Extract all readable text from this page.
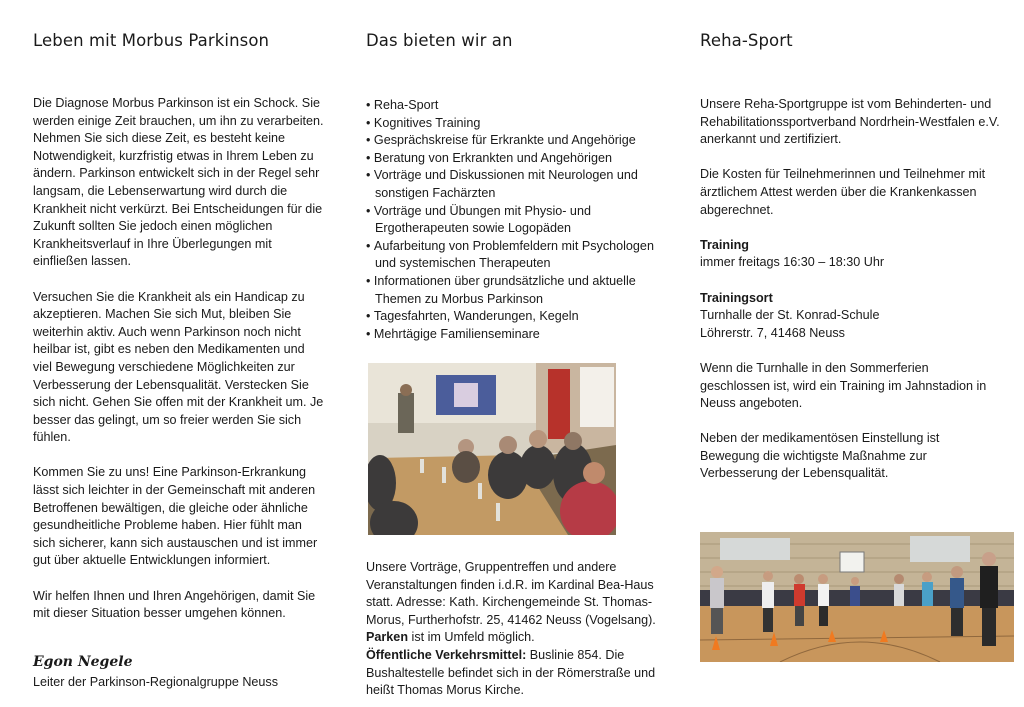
Leben mit Morbus Parkinson

Die Diagnose Morbus Parkinson ist ein Schock. Sie werden einige Zeit brauchen, um ihn zu verarbeiten. Nehmen Sie sich diese Zeit, es besteht keine Notwendigkeit, kurzfristig etwas in Ihrem Leben zu ändern. Parkinson entwickelt sich in der Regel sehr langsam, die Lebenserwartung wird durch die Krankheit nicht verkürzt. Bei Entscheidungen für die Zukunft sollten Sie jedoch einen möglichen Krankheitsverlauf in Ihre Überlegungen mit einfließen lassen.

Versuchen Sie die Krankheit als ein Handicap zu akzeptieren. Machen Sie sich Mut, bleiben Sie weiterhin aktiv. Auch wenn Parkinson noch nicht heilbar ist, gibt es neben den Medikamenten und viel Bewegung verschiedene Möglichkeiten zur Verbesserung der Lebensqualität. Verstecken Sie sich nicht. Gehen Sie offen mit der Krankheit um. Je besser das gelingt, um so freier werden Sie sich fühlen.

Kommen Sie zu uns! Eine Parkinson-Erkrankung lässt sich leichter in der Gemeinschaft mit anderen Betroffenen bewältigen, die gleiche oder ähnliche gesundheitliche Probleme haben. Hier fühlt man sich sicherer, kann sich austauschen und ist immer gut über aktuelle Entwicklungen informiert.

Wir helfen Ihnen und Ihren Angehörigen, damit Sie mit dieser Situation besser umgehen können.

Egon Negele
Leiter der Parkinson-Regionalgruppe Neuss
Das bieten wir an
• Reha-Sport
• Kognitives Training
• Gesprächskreise für Erkrankte und Angehörige
• Beratung von Erkrankten und Angehörigen
• Vorträge und Diskussionen mit Neurologen und sonstigen Fachärzten
• Vorträge und Übungen mit Physio- und Ergotherapeuten sowie Logopäden
• Aufarbeitung von Problemfeldern mit Psychologen und systemischen Therapeuten
• Informationen über grundsätzliche und aktuelle Themen zu Morbus Parkinson
• Tagesfahrten, Wanderungen, Kegeln
• Mehrtägige Familienseminare

Unsere Vorträge, Gruppentreffen und andere Veranstaltungen finden i.d.R. im Kardinal Bea-Haus statt. Adresse: Kath. Kirchengemeinde St. Thomas-Morus, Furtherhofstr. 25, 41462 Neuss (Vogelsang).

Parken ist im Umfeld möglich.

Öffentliche Verkehrsmittel: Buslinie 854. Die Bushaltestelle befindet sich in der Römerstraße und heißt Thomas Morus Kirche.

Reha-Sport

Unsere Reha-Sportgruppe ist vom Behinderten- und Rehabilitationssportverband Nordrhein-Westfalen e.V. anerkannt und zertifiziert.

Die Kosten für Teilnehmerinnen und Teilnehmer mit ärztlichem Attest werden über die Krankenkassen abgerechnet.

Training

immer freitags 16:30 – 18:30 Uhr

Trainingsort

Turnhalle der St. Konrad-Schule

Löhrerstr. 7, 41468 Neuss

Wenn die Turnhalle in den Sommerferien geschlossen ist, wird ein Training im Jahnstadion in Neuss angeboten.

Neben der medikamentösen Einstellung ist Bewegung die wichtigste Maßnahme zur Verbesserung der Lebensqualität.
